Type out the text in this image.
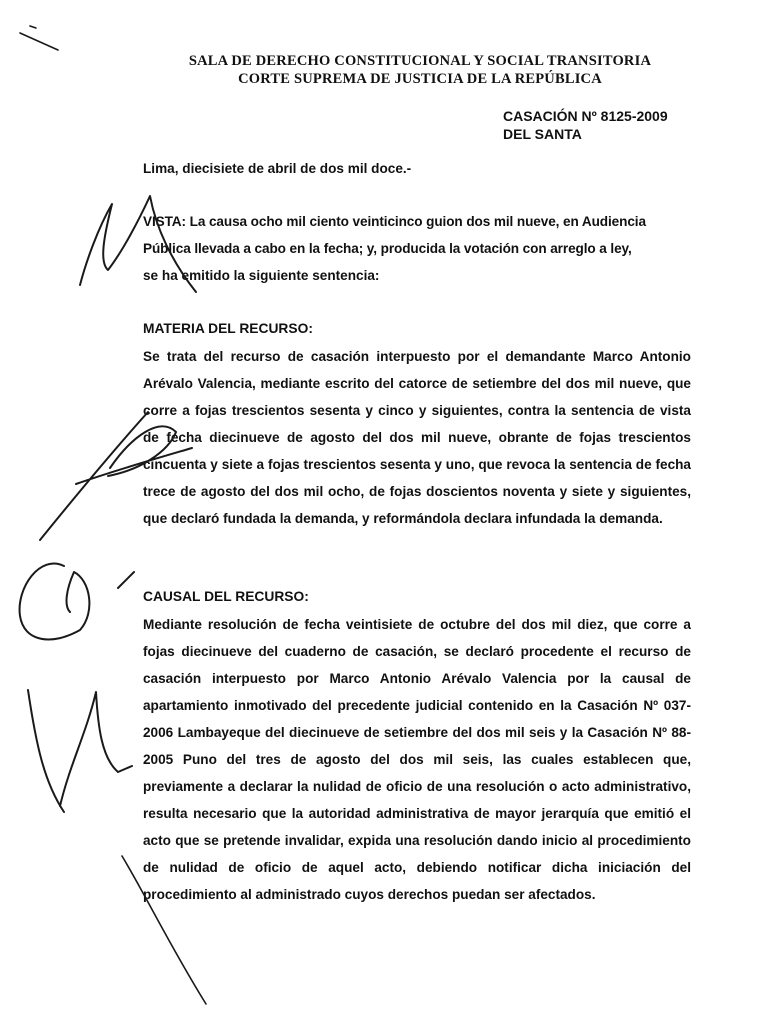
SALA DE DERECHO CONSTITUCIONAL Y SOCIAL TRANSITORIA
CORTE SUPREMA DE JUSTICIA DE LA REPÚBLICA
CASACIÓN Nº 8125-2009
DEL SANTA
Lima, diecisiete de abril de dos mil doce.-
VISTA: La causa ocho mil ciento veinticinco guion dos mil nueve, en Audiencia
Pública llevada a cabo en la fecha; y, producida la votación con arreglo a ley,
se ha emitido la siguiente sentencia:
MATERIA DEL RECURSO:
Se trata del recurso de casación interpuesto por el demandante Marco Antonio Arévalo Valencia, mediante escrito del catorce de setiembre del dos mil nueve, que corre a fojas trescientos sesenta y cinco y siguientes, contra la sentencia de vista de fecha diecinueve de agosto del dos mil nueve, obrante de fojas trescientos cincuenta y siete a fojas trescientos sesenta y uno, que revoca la sentencia de fecha trece de agosto del dos mil ocho, de fojas doscientos noventa y siete y siguientes, que declaró fundada la demanda, y reformándola declara infundada la demanda.
CAUSAL DEL RECURSO:
Mediante resolución de fecha veintisiete de octubre del dos mil diez, que corre a fojas diecinueve del cuaderno de casación, se declaró procedente el recurso de casación interpuesto por Marco Antonio Arévalo Valencia por la causal de apartamiento inmotivado del precedente judicial contenido en la Casación Nº 037-2006 Lambayeque del diecinueve de setiembre del dos mil seis y la Casación Nº 88-2005 Puno del tres de agosto del dos mil seis, las cuales establecen que, previamente a declarar la nulidad de oficio de una resolución o acto administrativo, resulta necesario que la autoridad administrativa de mayor jerarquía que emitió el acto que se pretende invalidar, expida una resolución dando inicio al procedimiento de nulidad de oficio de aquel acto, debiendo notificar dicha iniciación del procedimiento al administrado cuyos derechos puedan ser afectados.
